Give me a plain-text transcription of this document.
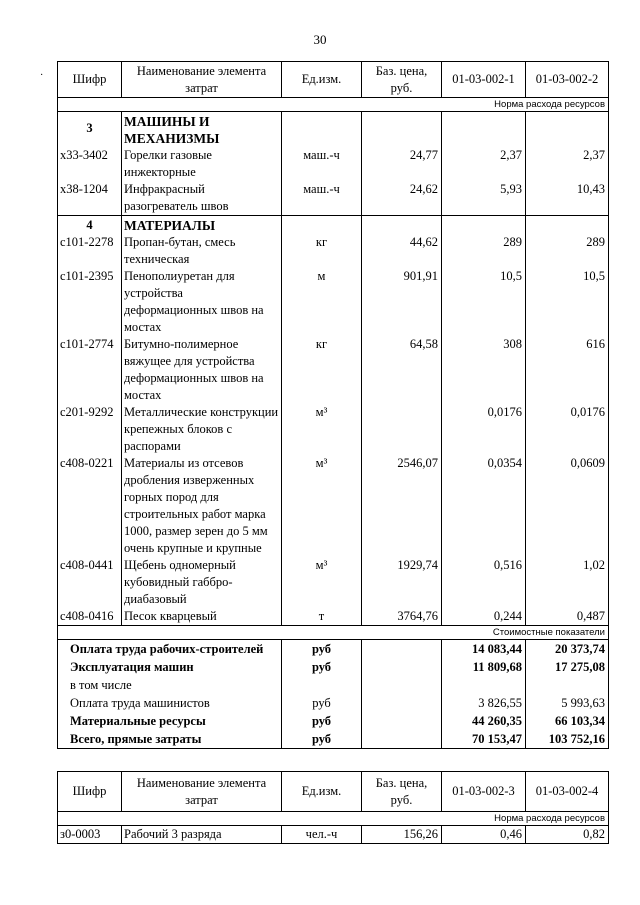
30
· Шифр	Наименование элемента затрат	Ед.изм.	Баз. цена, руб.	01-03-002-1	01-03-002-2
Норма расхода ресурсов					
3	МАШИНЫ И МЕХАНИЗМЫ				
х33-3402	Горелки газовые инжекторные	маш.-ч	24,77	2,37	2,37
х38-1204	Инфракрасный разогреватель швов	маш.-ч	24,62	5,93	10,43
4	МАТЕРИАЛЫ				
с101-2278	Пропан-бутан, смесь техническая	кг	44,62	289	289
с101-2395	Пенополиуретан для устройства деформационных швов на мостах	м	901,91	10,5	10,5
с101-2774	Битумно-полимерное вяжущее для устройства деформационных швов на мостах	кг	64,58	308	616
с201-9292	Металлические конструкции крепежных блоков с распорами	м³		0,0176	0,0176
с408-0221	Материалы из отсевов дробления изверженных горных пород для строительных работ марка 1000, размер зерен до 5 мм очень крупные и крупные	м³	2546,07	0,0354	0,0609
с408-0441	Щебень одномерный кубовидный габбро-диабазовый	м³	1929,74	0,516	1,02
с408-0416	Песок кварцевый	т	3764,76	0,244	0,487
Стоимостные показатели					
Оплата труда рабочих-строителей		руб		14 083,44	20 373,74
Эксплуатация машин		руб		11 809,68	17 275,08
в том числе					
Оплата труда машинистов		руб		3 826,55	5 993,63
Материальные ресурсы		руб		44 260,35	66 103,34
Всего, прямые затраты		руб		70 153,47	103 752,16
Шифр	Наименование элемента затрат	Ед.изм.	Баз. цена, руб.	01-03-002-3	01-03-002-4
Норма расхода ресурсов					
з0-0003	Рабочий 3 разряда	чел.-ч	156,26	0,46	0,82
